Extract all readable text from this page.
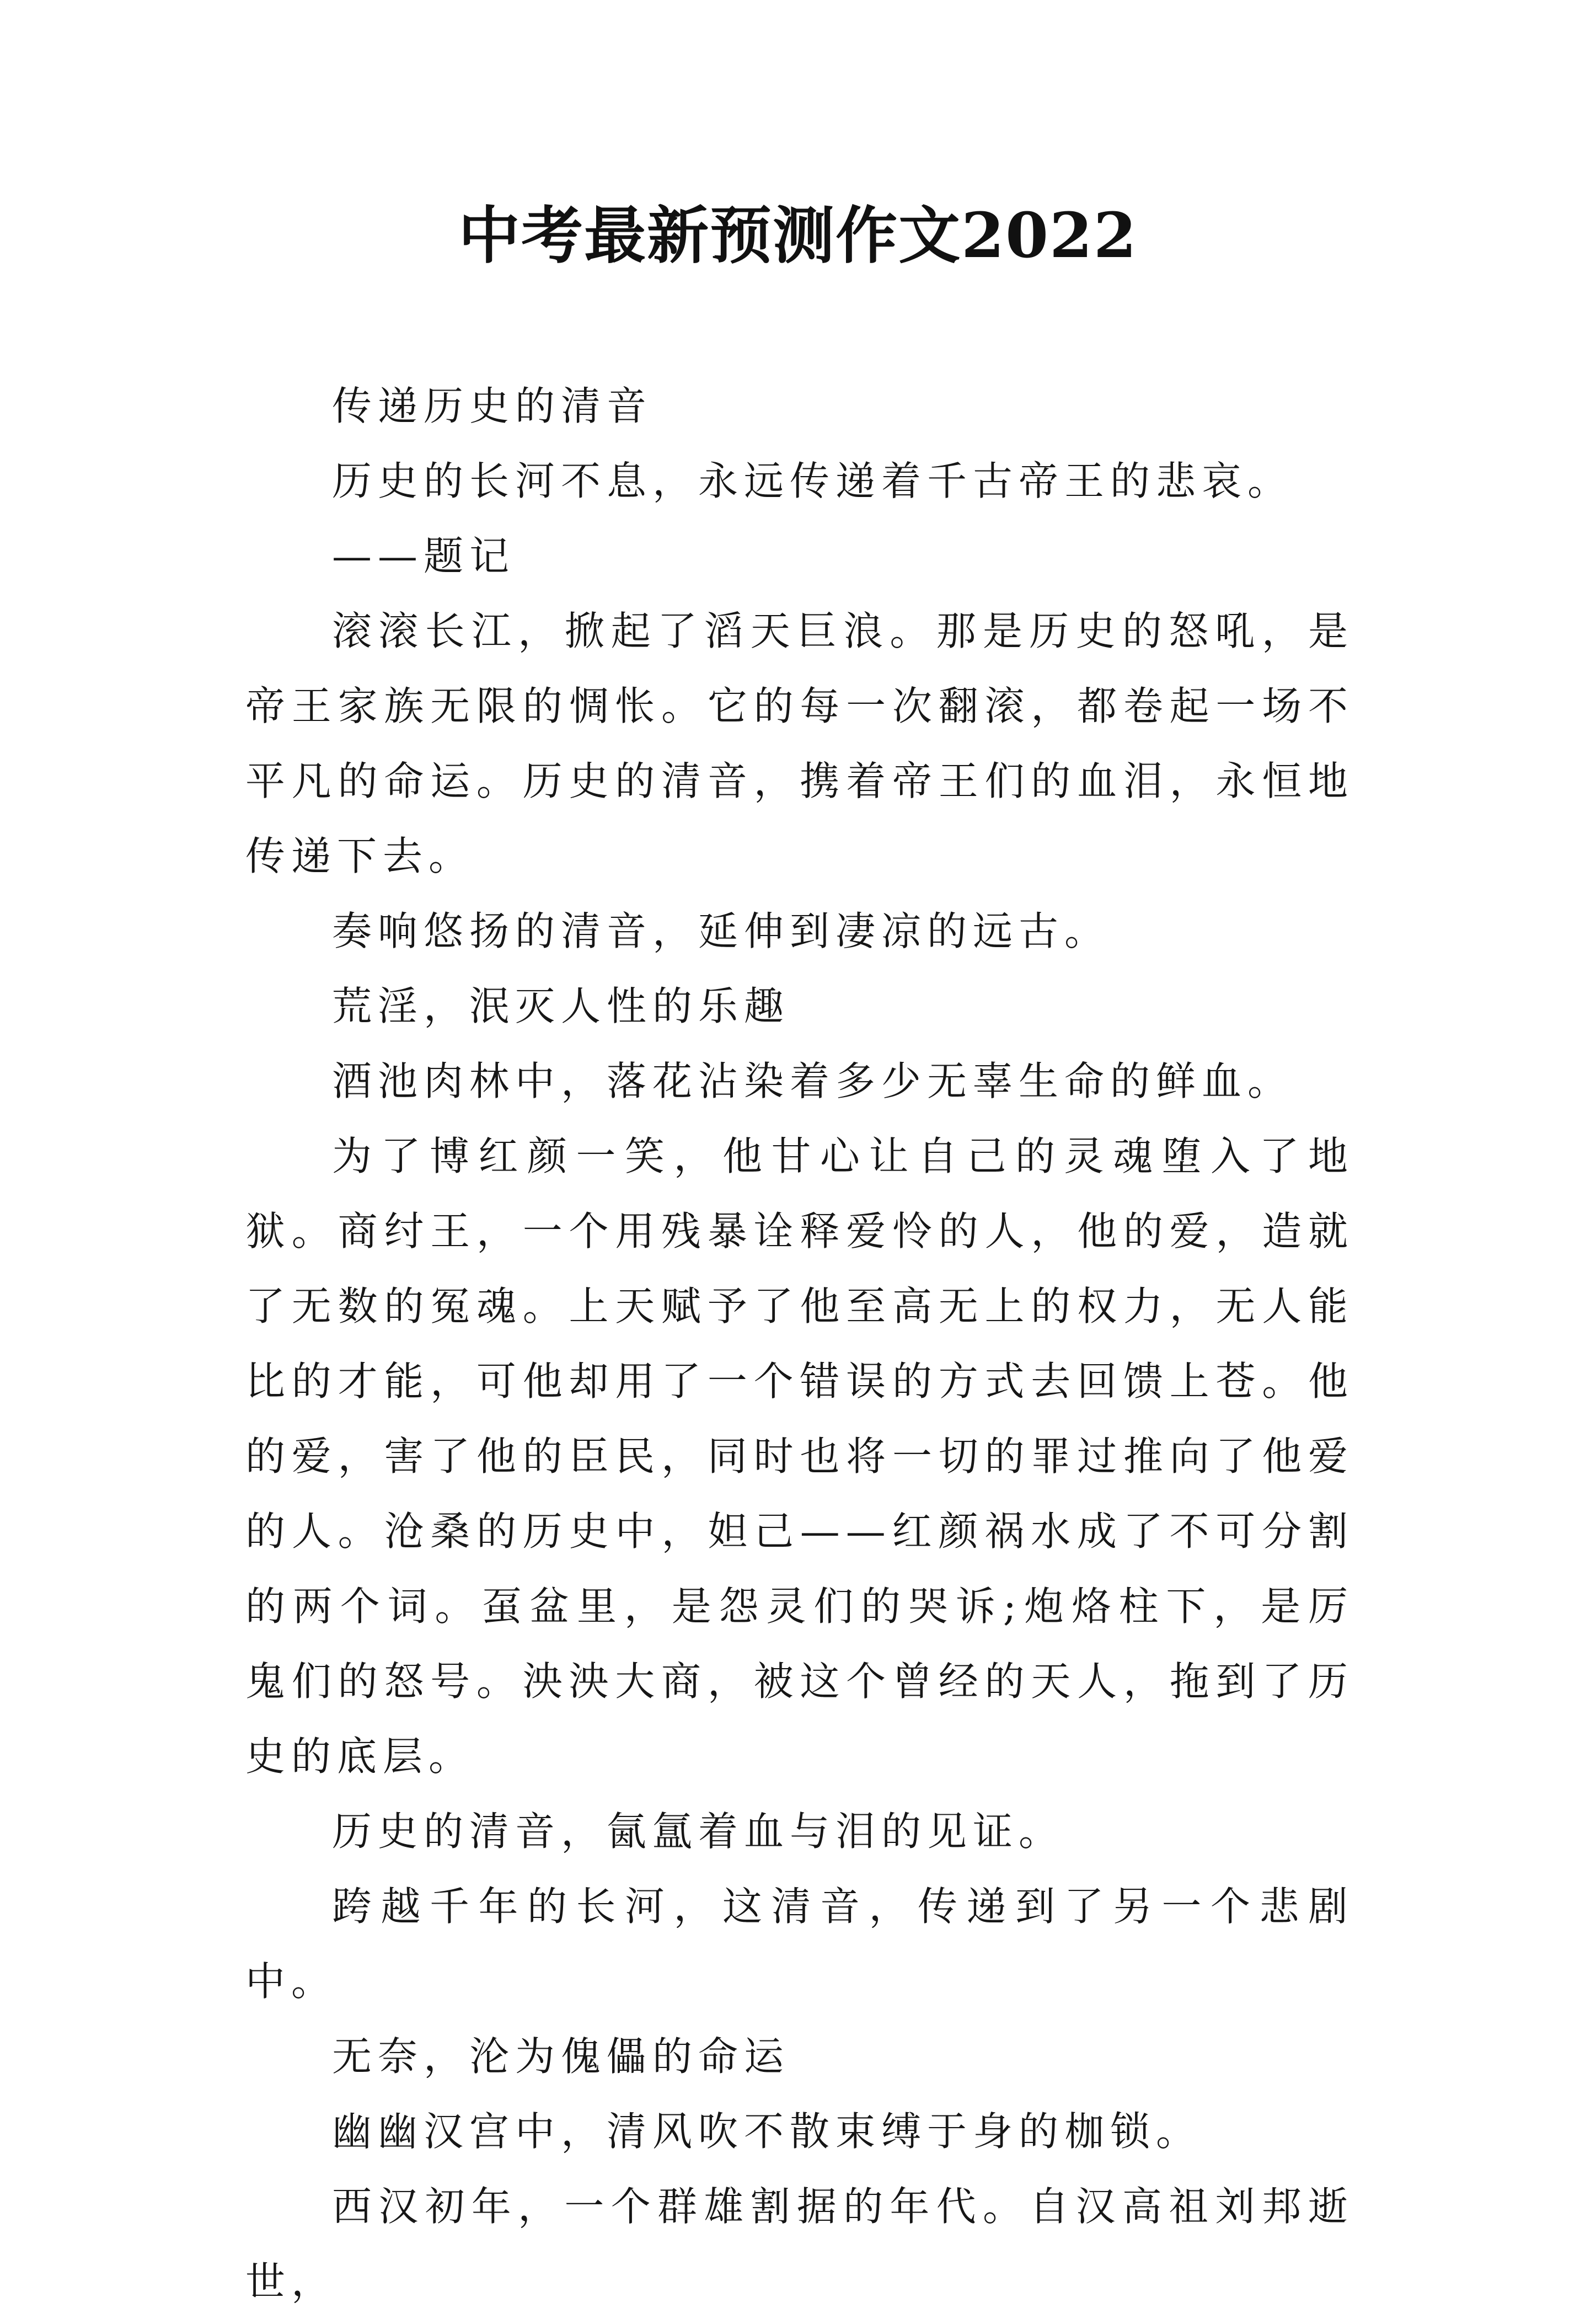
中考最新预测作文2022

传递历史的清音

历史的长河不息，永远传递着千古帝王的悲哀。

——题记

滚滚长江，掀起了滔天巨浪。那是历史的怒吼，是帝王家族无限的惆怅。它的每一次翻滚，都卷起一场不平凡的命运。历史的清音，携着帝王们的血泪，永恒地传递下去。

奏响悠扬的清音，延伸到凄凉的远古。

荒淫，泯灭人性的乐趣

酒池肉林中，落花沾染着多少无辜生命的鲜血。

为了博红颜一笑，他甘心让自己的灵魂堕入了地狱。商纣王，一个用残暴诠释爱怜的人，他的爱，造就了无数的冤魂。上天赋予了他至高无上的权力，无人能比的才能，可他却用了一个错误的方式去回馈上苍。他的爱，害了他的臣民，同时也将一切的罪过推向了他爱的人。沧桑的历史中，妲己——红颜祸水成了不可分割的两个词。虿盆里，是怨灵们的哭诉;炮烙柱下，是厉鬼们的怒号。泱泱大商，被这个曾经的天人，拖到了历史的底层。

历史的清音，氤氲着血与泪的见证。

跨越千年的长河，这清音，传递到了另一个悲剧中。

无奈，沦为傀儡的命运

幽幽汉宫中，清风吹不散束缚于身的枷锁。

西汉初年，一个群雄割据的年代。自汉高祖刘邦逝世，
